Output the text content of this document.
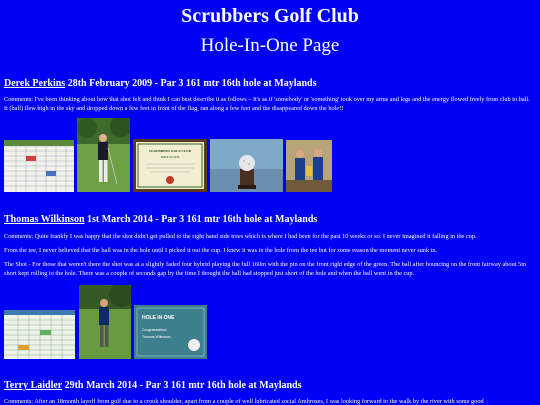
Scrubbers Golf Club
Hole-In-One Page
Derek Perkins 28th February 2009 - Par 3 161 mtr 16th hole at Maylands
Comments: I've been thinking about how that shot felt and think I can best describe it as follows – It's as if 'somebody' or 'something' took over my arms and legs and the energy flowed freely from club to ball. It (ball) flew high in the sky and dropped down a few feet in front of the flag, ran along a few feet and the disappeared down the hole!!
SCRUBBERS GOLF CLUB
HOLE IN ONE
Thomas Wilkinson 1st March 2014 - Par 3 161 mtr 16th hole at Maylands
Comments: Quite frankly I was happy that the shot didn't get pulled to the right hand side trees which is where I had been for the past 10 weeks or so. I never imagined it falling in the cup.
From the tee, I never believed that the ball was in the hole until I picked it out the cup. I knew it was in the hole from the tee but for some reason the moment never sunk in.
The Shot - For those that weren't there the shot was at a slightly faded four hybrid playing the full 160m with the pin on the front right edge of the green. The ball after bouncing on the front fairway about 5m short kept rolling to the hole. There was a couple of seconds gap by the time I thought the ball had stopped just short of the hole and when the ball went in the cup.
HOLE IN ONE
Congratulations
Thomas Wilkinson
Terry Laidler 29th March 2014 - Par 3 161 mtr 16th hole at Maylands
Comments: After an 18month layoff from golf due to a crook shoulder, apart from a couple of well lubricated social Ambroses, I was looking forward to the walk by the river with some good
